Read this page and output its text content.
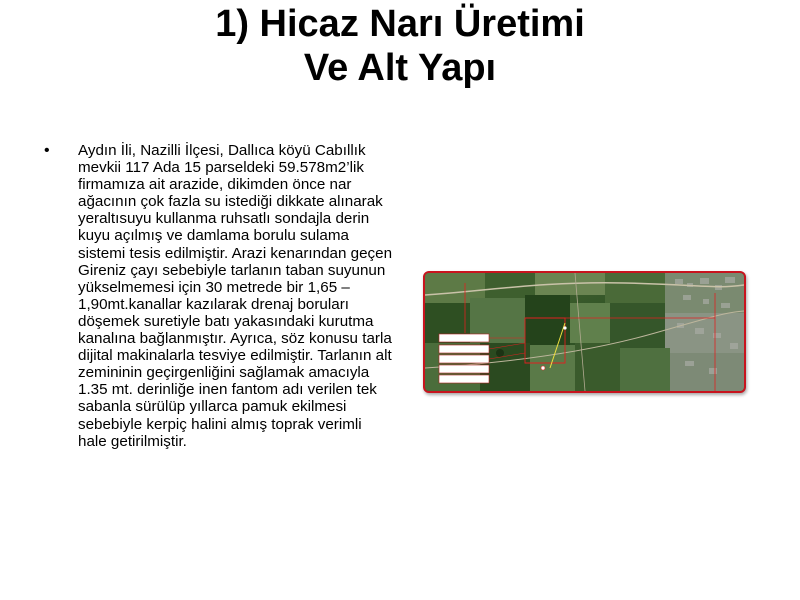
1) Hicaz Narı Üretimi
Ve Alt Yapı
• Aydın İli, Nazilli İlçesi, Dallıca köyü Cabıllık mevkii 117 Ada 15 parseldeki 59.578m2’lik firmamıza ait arazide, dikimden önce nar ağacının çok fazla su istediği dikkate alınarak yeraltısuyu kullanma ruhsatlı sondajla derin kuyu açılmış ve damlama borulu sulama sistemi tesis edilmiştir. Arazi kenarından geçen Gireniz çayı sebebiyle tarlanın taban suyunun yükselmemesi için 30 metrede bir 1,65 – 1,90mt.kanallar kazılarak drenaj boruları döşemek suretiyle batı yakasındaki kurutma kanalına bağlanmıştır. Ayrıca, söz konusu tarla dijital makinalarla tesviye edilmiştir. Tarlanın alt zemininin geçirgenliğini sağlamak amacıyla 1.35 mt. derinliğe inen fantom adı verilen tek sabanla sürülüp yıllarca pamuk ekilmesi sebebiyle kerpiç halini almış toprak verimli hale getirilmiştir.
